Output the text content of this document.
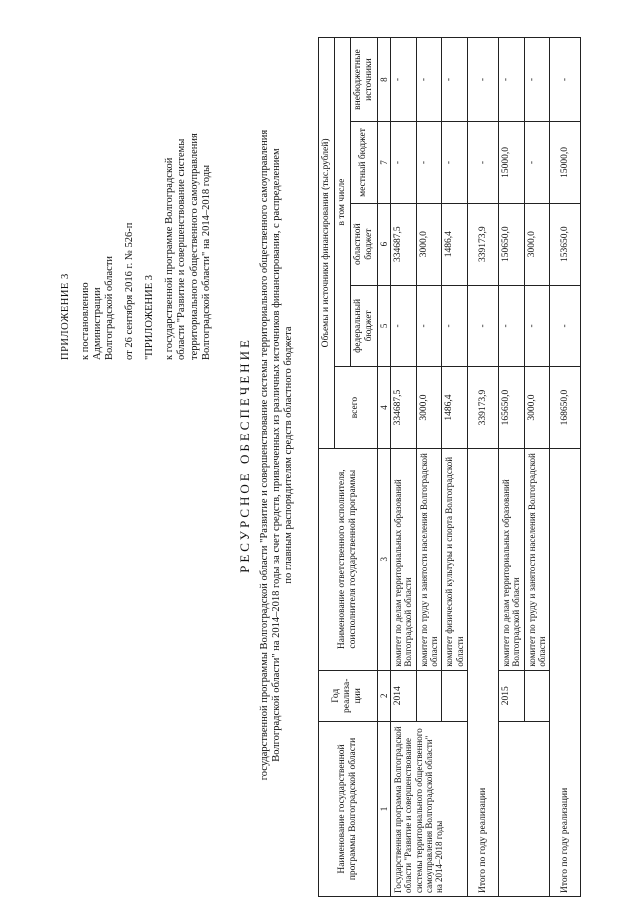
ПРИЛОЖЕНИЕ 3 к постановлению Администрации Волгоградской области от 26 сентября 2016 г. № 526-п "ПРИЛОЖЕНИЕ 3 к государственной программе Волгоградской области "Развитие и совершенствование системы территориального общественного самоуправления Волгоградской области" на 2014–2018 годы

РЕСУРСНОЕ ОБЕСПЕЧЕНИЕ государственной программы Волгоградской области "Развитие и совершенствование системы территориального общественного самоуправления Волгоградской области" на 2014–2018 годы за счет средств, привлеченных из различных источников финансирования, с распределением по главным распорядителям средств областного бюджета
Наименование государственной программы Волгоградской области	Год реализа-ции	Наименование ответственного исполнителя, соисполнителя государственной программы	Объемы и источники финансирования (тыс.рублей)				
			всего	в том числе			
				федеральный бюджет	областной бюджет	местный бюджет	внебюджетные источники
1	2	3	4	5	6	7	8
Государственная программа Волгоградской области "Развитие и совершенствование системы территориального общественного самоуправления Волгоградской области" на 2014–2018 годы	2014	комитет по делам территориальных образований Волгоградской области	334687,5	-	334687,5	-	-
		комитет по труду и занятости населения Волгоградской области	3000,0	-	3000,0	-	-
		комитет физической культуры и спорта Волгоградской области	1486,4	-	1486,4	-	-
Итого по году реализации			339173,9	-	339173,9	-	-
	2015	комитет по делам территориальных образований Волгоградской области	165650,0	-	150650,0	15000,0	-
		комитет по труду и занятости населения Волгоградской области	3000,0	-	3000,0	-	-
Итого по году реализации			168650,0	-	153650,0	15000,0	-
